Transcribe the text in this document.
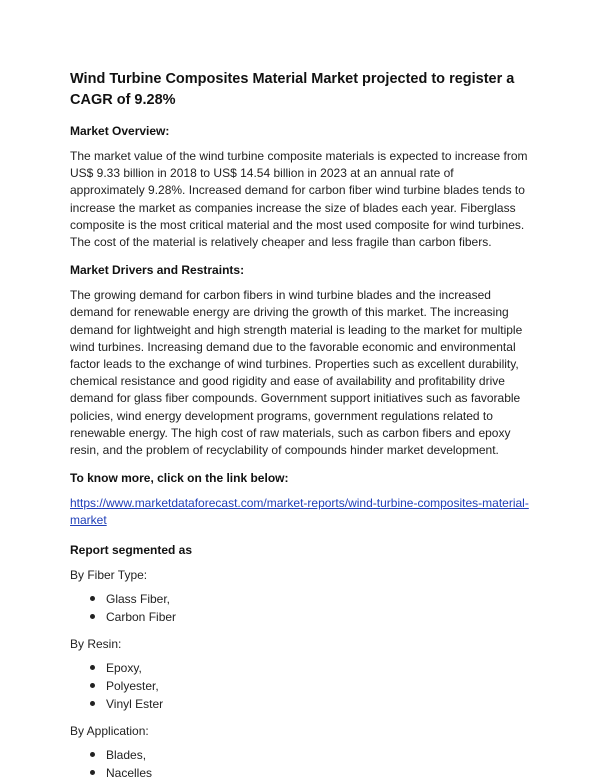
Wind Turbine Composites Material Market projected to register a CAGR of 9.28%
Market Overview:

The market value of the wind turbine composite materials is expected to increase from US$ 9.33 billion in 2018 to US$ 14.54 billion in 2023 at an annual rate of approximately 9.28%. Increased demand for carbon fiber wind turbine blades tends to increase the market as companies increase the size of blades each year. Fiberglass composite is the most critical material and the most used composite for wind turbines. The cost of the material is relatively cheaper and less fragile than carbon fibers.

Market Drivers and Restraints:

The growing demand for carbon fibers in wind turbine blades and the increased demand for renewable energy are driving the growth of this market. The increasing demand for lightweight and high strength material is leading to the market for multiple wind turbines. Increasing demand due to the favorable economic and environmental factor leads to the exchange of wind turbines. Properties such as excellent durability, chemical resistance and good rigidity and ease of availability and profitability drive demand for glass fiber compounds. Government support initiatives such as favorable policies, wind energy development programs, government regulations related to renewable energy. The high cost of raw materials, such as carbon fibers and epoxy resin, and the problem of recyclability of compounds hinder market development.

To know more, click on the link below:
https://www.marketdataforecast.com/market-reports/wind-turbine-composites-material-market
Report segmented as
By Fiber Type:
Glass Fiber,
Carbon Fiber
By Resin:
Epoxy,
Polyester,
Vinyl Ester
By Application:
Blades,
Nacelles
